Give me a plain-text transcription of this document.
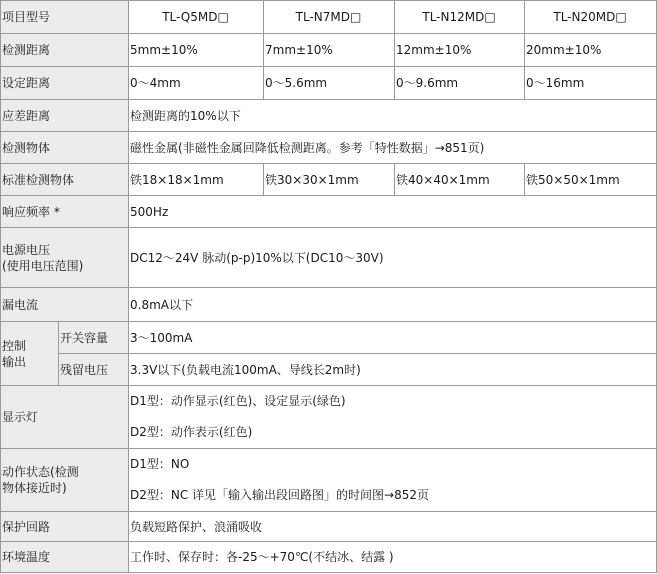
项目型号		TL-Q5MD□	TL-N7MD□	TL-N12MD□	TL-N20MD□
检测距离		5mm±10%	7mm±10%	12mm±10%	20mm±10%
设定距离		0～4mm	0～5.6mm	0～9.6mm	0～16mm
应差距离		检测距离的10%以下			
检测物体		磁性金属(非磁性金属回降低检测距离。参考「特性数据」→851页)			
标准检测物体		铁18×18×1mm	铁30×30×1mm	铁40×40×1mm	铁50×50×1mm
响应频率 *		500Hz			

电源电压
(使用电压范围)		DC12～24V 脉动(p-p)10%以下(DC10～30V)			
漏电流		0.8mA以下			

控制
输出	开关容量	3～100mA			
	残留电压	3.3V以下(负载电流100mA、导线长2m时)			
显示灯		D1型：动作显示(红色)、设定显示(绿色)
D2型：动作表示(红色)			

动作状态(检测
物体接近时)		D1型：NO
D2型：NC 详见「输入输出段回路图」的时间图→852页			

保护回路		负载短路保护、浪涌吸收			
环境温度		工作时、保存时：各-25～+70℃(不结冰、结露 )			
